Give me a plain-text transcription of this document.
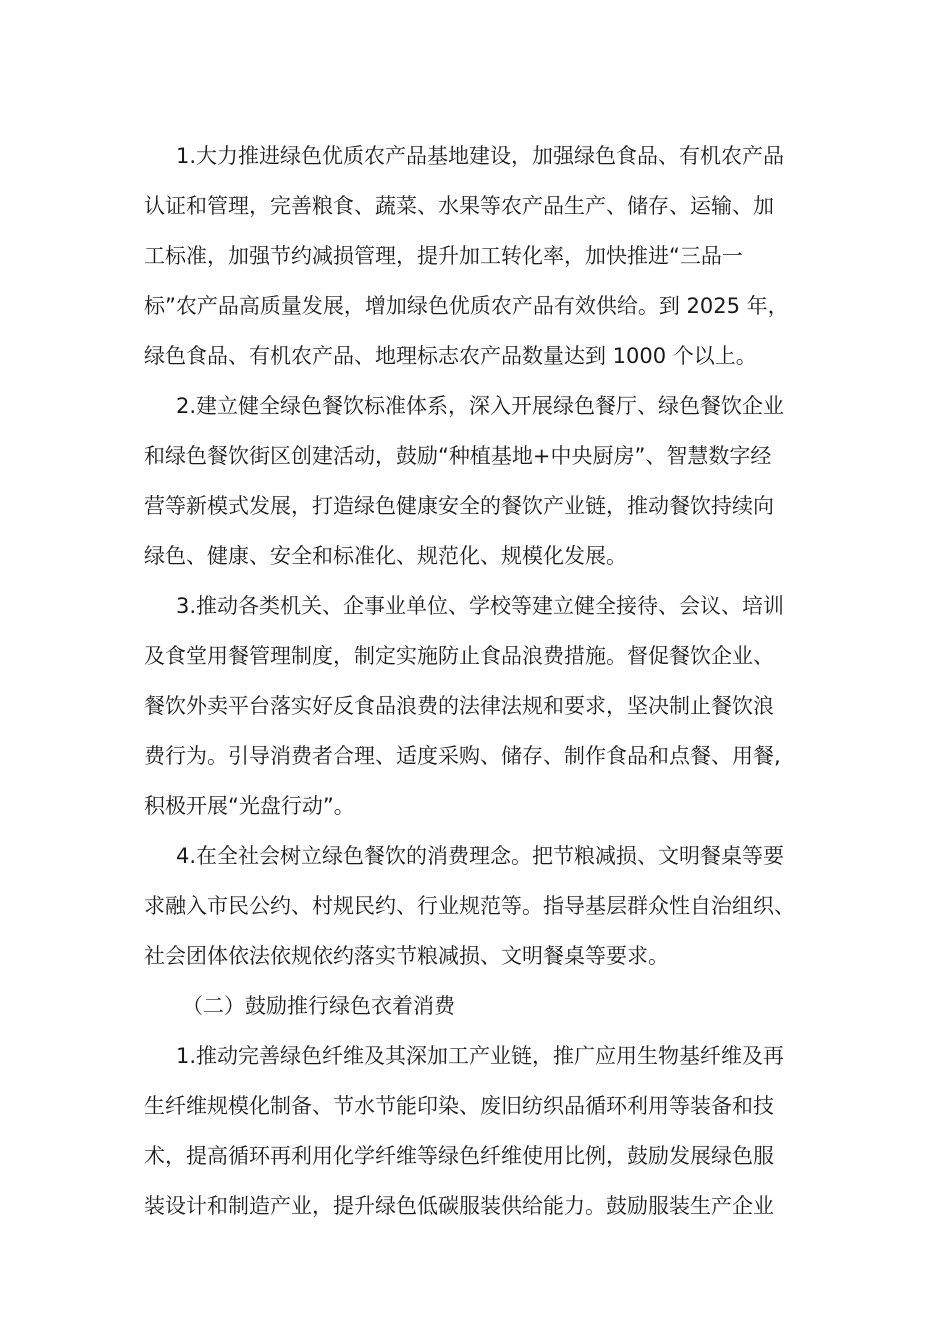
1.大力推进绿色优质农产品基地建设，加强绿色食品、有机农产品
认证和管理，完善粮食、蔬菜、水果等农产品生产、储存、运输、加
工标准，加强节约减损管理，提升加工转化率，加快推进“三品一
标”农产品高质量发展，增加绿色优质农产品有效供给。到 2025 年，
绿色食品、有机农产品、地理标志农产品数量达到 1000 个以上。
2.建立健全绿色餐饮标准体系，深入开展绿色餐厅、绿色餐饮企业
和绿色餐饮街区创建活动，鼓励“种植基地+中央厨房”、智慧数字经
营等新模式发展，打造绿色健康安全的餐饮产业链，推动餐饮持续向
绿色、健康、安全和标准化、规范化、规模化发展。
3.推动各类机关、企事业单位、学校等建立健全接待、会议、培训
及食堂用餐管理制度，制定实施防止食品浪费措施。督促餐饮企业、
餐饮外卖平台落实好反食品浪费的法律法规和要求，坚决制止餐饮浪
费行为。引导消费者合理、适度采购、储存、制作食品和点餐、用餐,
积极开展“光盘行动”。
4.在全社会树立绿色餐饮的消费理念。把节粮减损、文明餐桌等要
求融入市民公约、村规民约、行业规范等。指导基层群众性自治组织、
社会团体依法依规依约落实节粮减损、文明餐桌等要求。
（二）鼓励推行绿色衣着消费
1.推动完善绿色纤维及其深加工产业链，推广应用生物基纤维及再
生纤维规模化制备、节水节能印染、废旧纺织品循环利用等装备和技
术，提高循环再利用化学纤维等绿色纤维使用比例，鼓励发展绿色服
装设计和制造产业，提升绿色低碳服装供给能力。鼓励服装生产企业
